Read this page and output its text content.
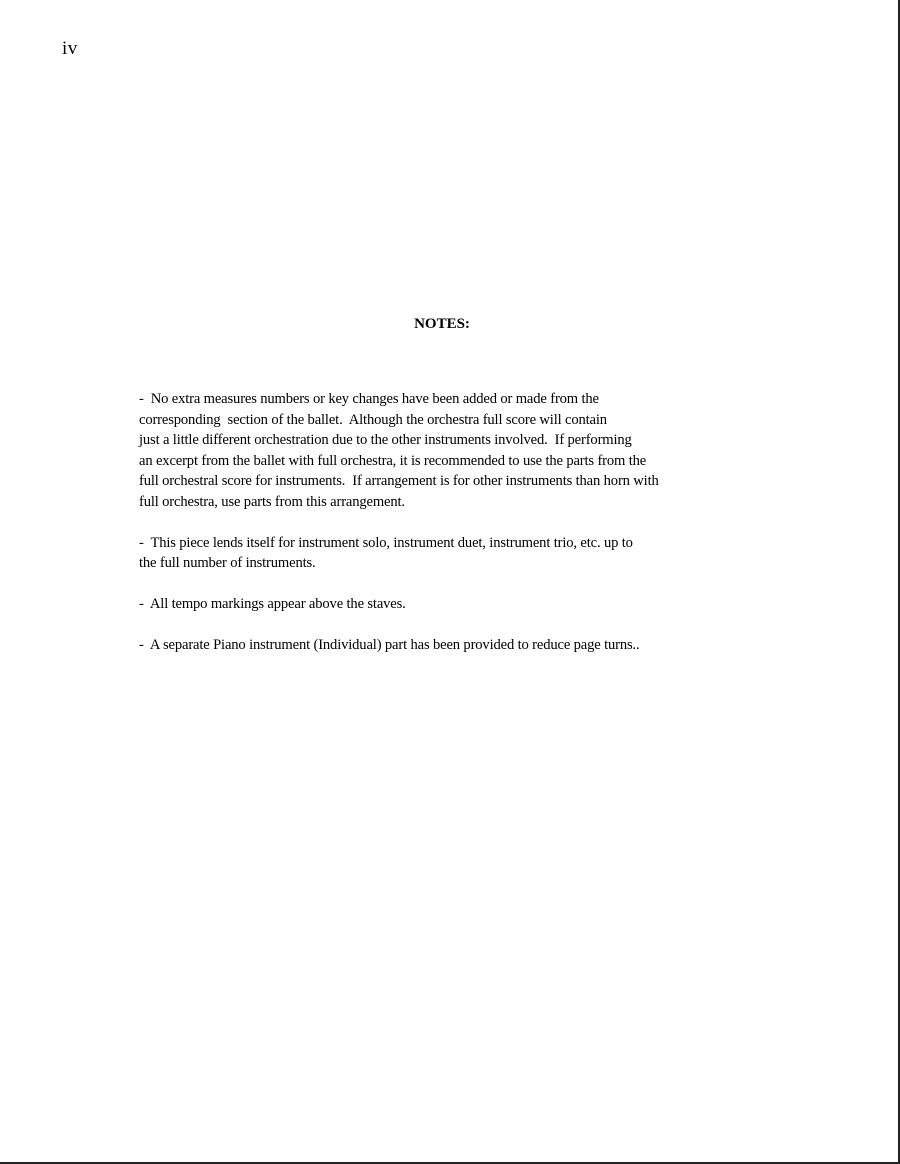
iv
NOTES:

-  No extra measures numbers or key changes have been added or made from the
corresponding  section of the ballet.  Although the orchestra full score will contain
just a little different orchestration due to the other instruments involved.  If performing
an excerpt from the ballet with full orchestra, it is recommended to use the parts from the
full orchestral score for instruments.  If arrangement is for other instruments than horn with
full orchestra, use parts from this arrangement.

-  This piece lends itself for instrument solo, instrument duet, instrument trio, etc. up to
the full number of instruments.

-  All tempo markings appear above the staves.

-  A separate Piano instrument (Individual) part has been provided to reduce page turns..
